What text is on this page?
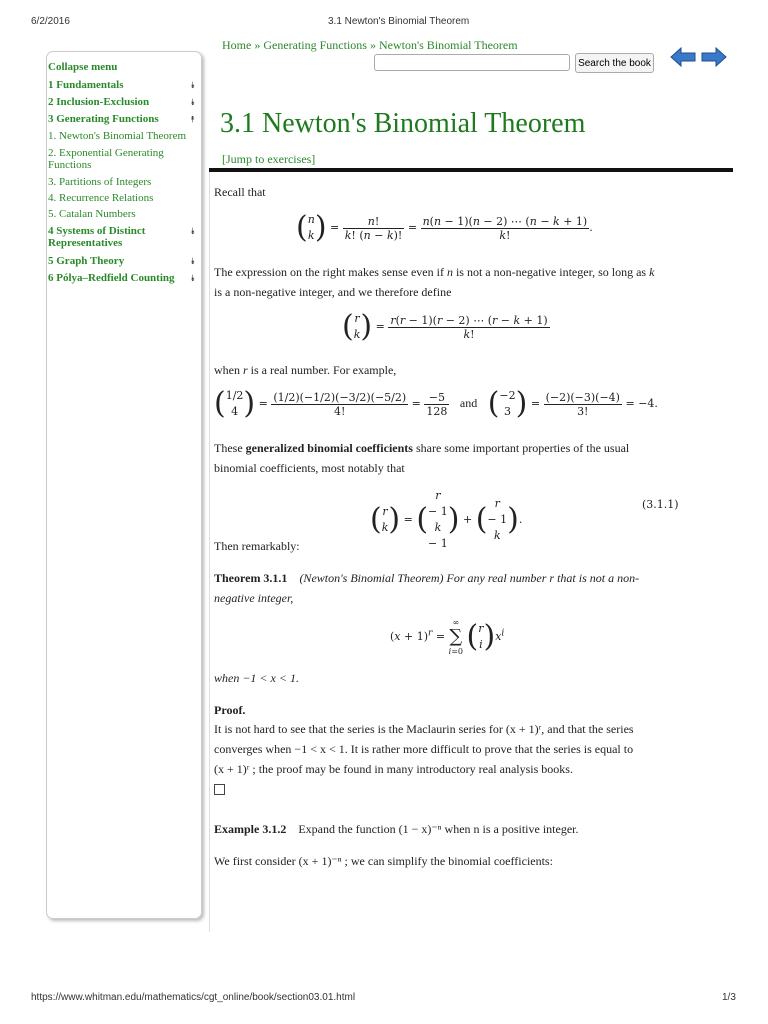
6/2/2016	3.1 Newton's Binomial Theorem
Home » Generating Functions » Newton's Binomial Theorem
Search the book
Collapse menu
1 Fundamentals	⯯
2 Inclusion-Exclusion	⯯
3 Generating Functions	⯭
1. Newton's Binomial Theorem
2. Exponential Generating Functions
3. Partitions of Integers
4. Recurrence Relations
5. Catalan Numbers
4 Systems of Distinct Representatives
⯯
5 Graph Theory	⯯
6 Pólya–Redfield Counting	⯯
3.1 Newton's Binomial Theorem
[Jump to exercises]
Recall that
( n
k ) = $\frac{n!}{k! (n - k)!} = \frac{n(n - 1)(n - 2) \cdots (n - k + 1)}{k!}$ .
The expression on the right makes sense even if n is not a non-negative integer, so long as k
is a non-negative integer, and we therefore define
( r
k ) = $\frac{r(r - 1)(r - 2) \cdots (r - k + 1)}{k!}$
when r is a real number. For example,
( 1/2
4 ) = $\frac{(1/2)(-1/2)(-3/2)(-5/2)}{4!} = \frac{-5}{128}$ and ( −2
3 ) = $\frac{(-2)(-3)(-4)}{3!} = -4$.
These generalized binomial coefficients share some important properties of the usual
binomial coefficients, most notably that
( r
k ) = (
r
− 1
k
− 1
) + ( r
− 1
k ).
(3.1.1)
Then remarkably:
Theorem 3.1.1 (Newton's Binomial Theorem) For any real number r that is not a non-
negative integer,
$(x + 1)^r$ =
∞
∑
i=0 ( r
i )$x^i$
when −1 < x < 1.
Proof.
It is not hard to see that the series is the Maclaurin series for (x + 1)ʳ, and that the series
converges when −1 < x < 1. It is rather more difficult to prove that the series is equal to
(x + 1)ʳ ; the proof may be found in many introductory real analysis books.
Example 3.1.2 Expand the function (1 − x)⁻ⁿ when n is a positive integer.
We first consider (x + 1)⁻ⁿ ; we can simplify the binomial coefficients:
https://www.whitman.edu/mathematics/cgt_online/book/section03.01.html	1/3
